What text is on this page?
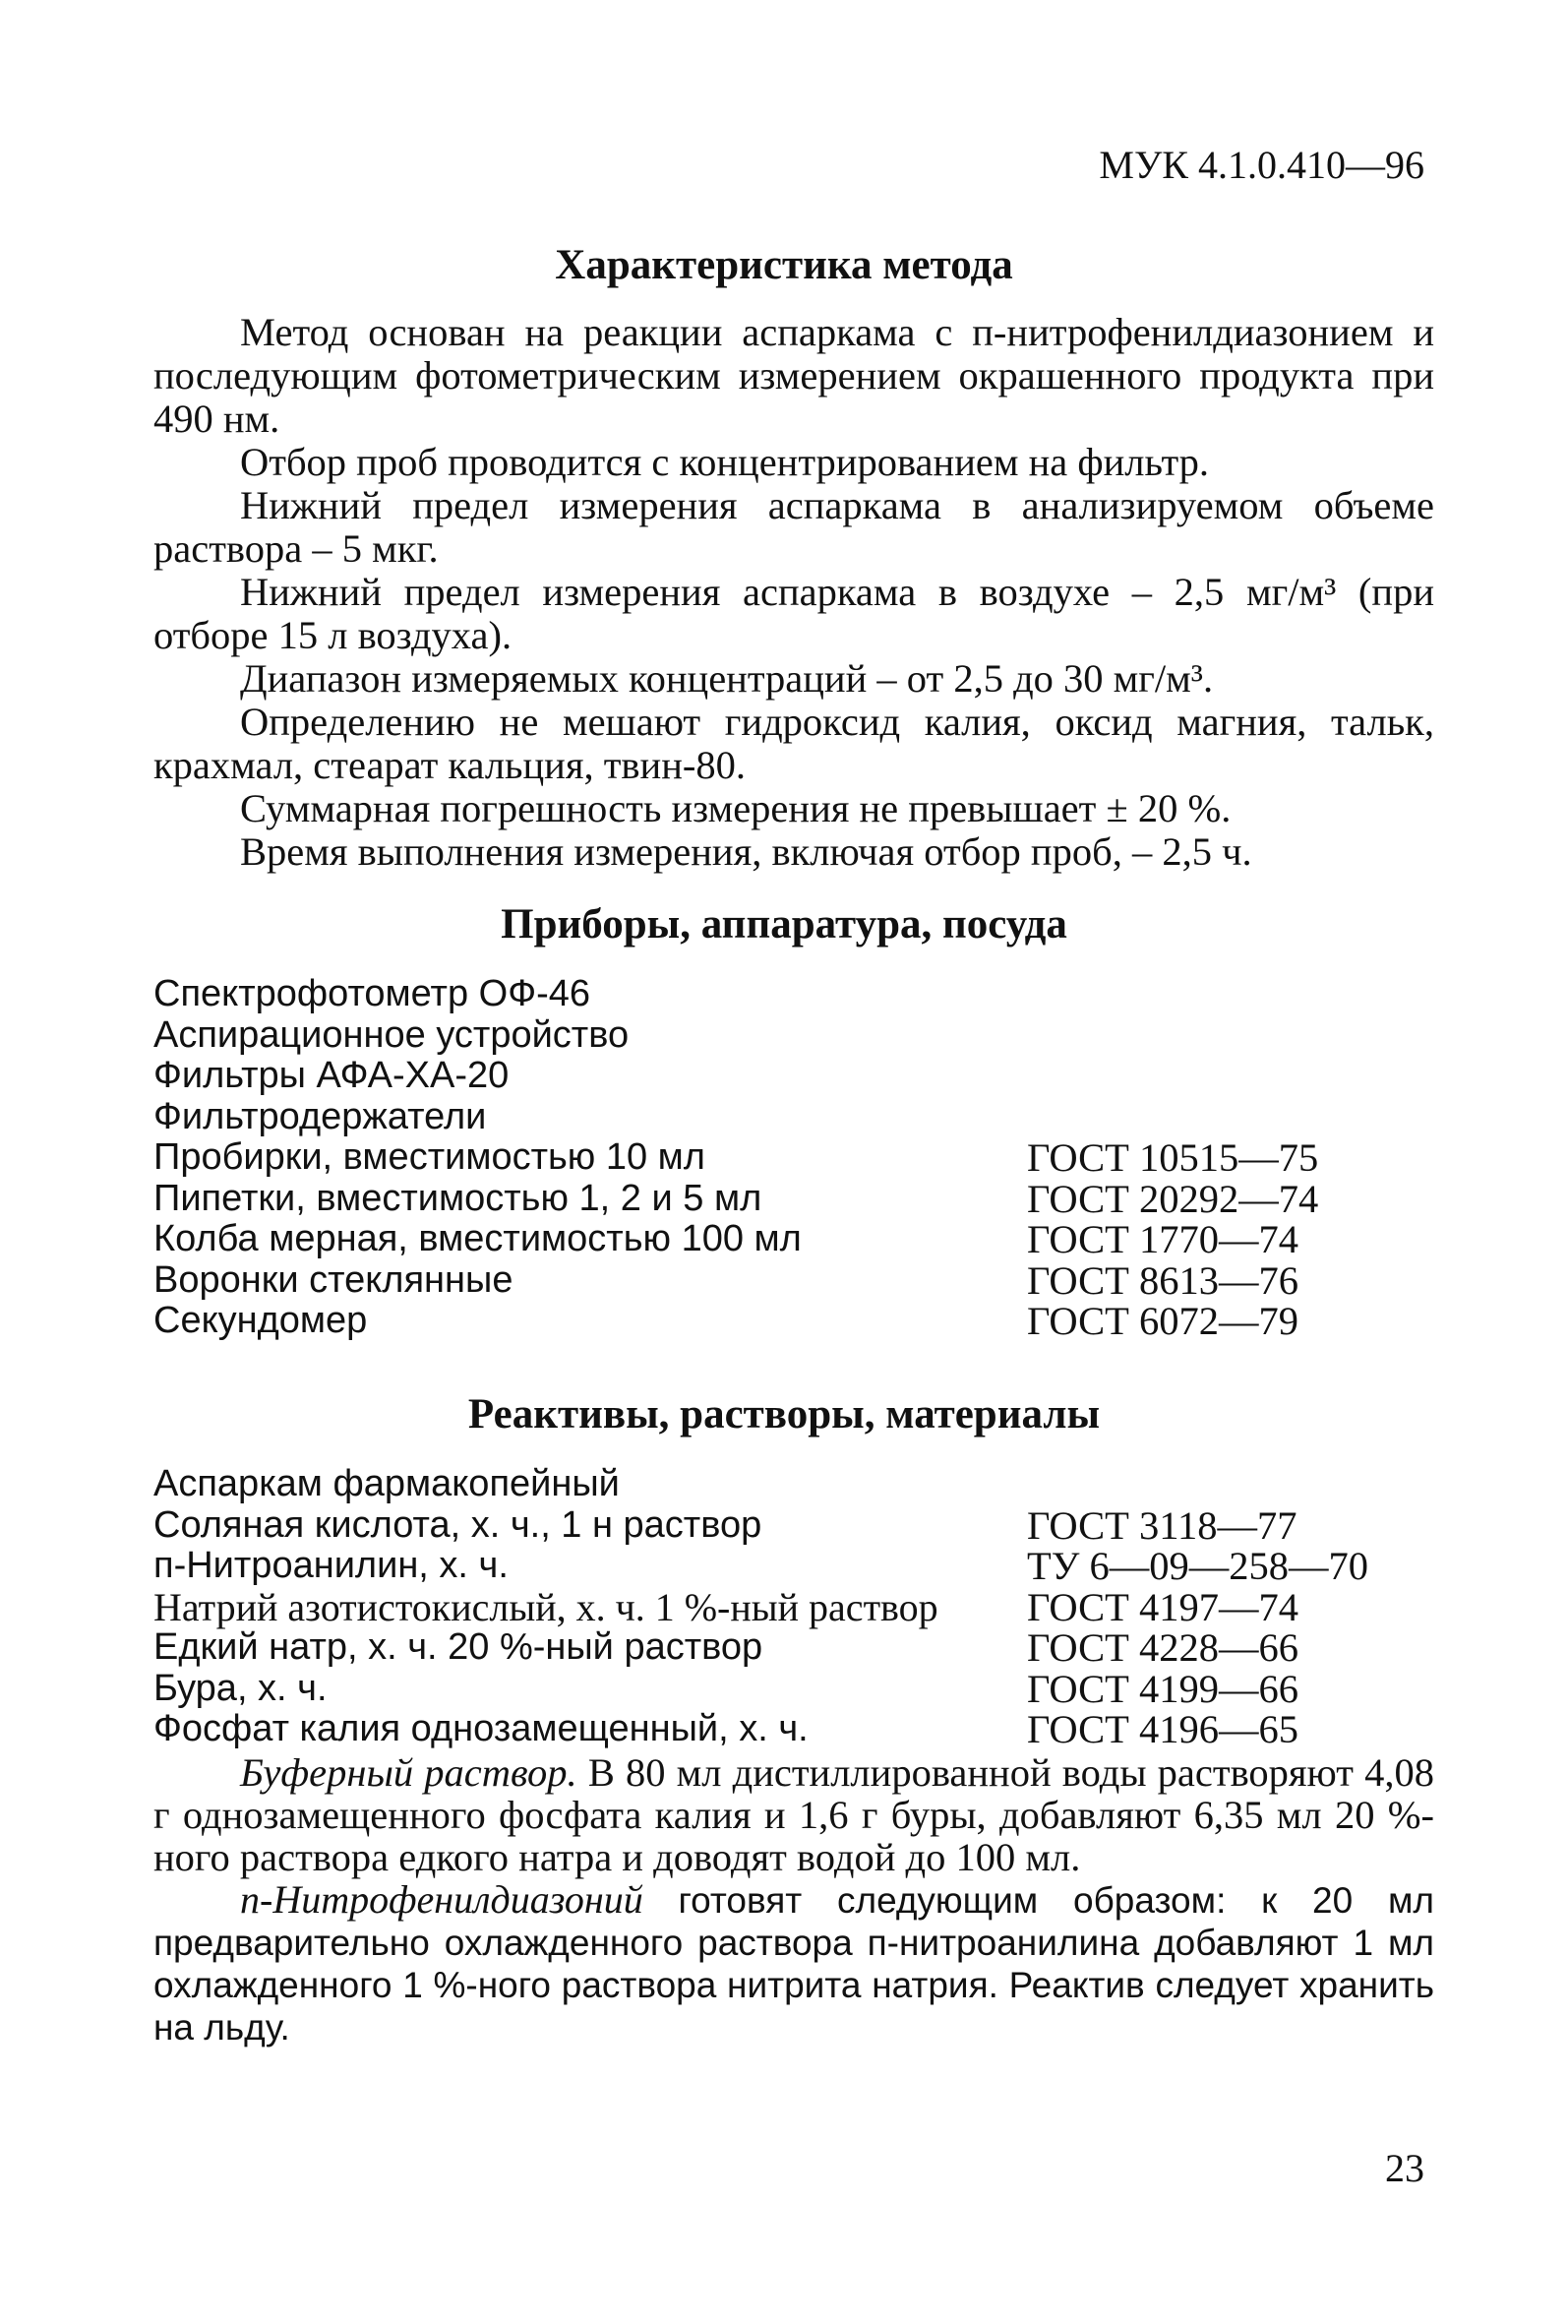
МУК 4.1.0.410—96
Характеристика метода

Метод основан на реакции аспаркама с п-нитрофенилдиазонием и последующим фотометрическим измерением окрашенного продукта при 490 нм.

Отбор проб проводится с концентрированием на фильтр.

Нижний предел измерения аспаркама в анализируемом объеме раствора – 5 мкг.

Нижний предел измерения аспаркама в воздухе – 2,5 мг/м³ (при отборе 15 л воздуха).

Диапазон измеряемых концентраций – от 2,5 до 30 мг/м³.

Определению не мешают гидроксид калия, оксид магния, тальк, крахмал, стеарат кальция, твин-80.

Суммарная погрешность измерения не превышает ± 20 %.

Время выполнения измерения, включая отбор проб, – 2,5 ч.

Приборы, аппаратура, посуда
Спектрофотометр ОФ-46
Аспирационное устройство
Фильтры АФА-ХА-20
Фильтродержатели
Пробирки, вместимостью 10 мл	ГОСТ 10515—75
Пипетки, вместимостью 1, 2 и 5 мл	ГОСТ 20292—74
Колба мерная, вместимостью 100 мл	ГОСТ 1770—74
Воронки стеклянные	ГОСТ 8613—76
Секундомер	ГОСТ 6072—79
Реактивы, растворы, материалы
Аспаркам фармакопейный
Соляная кислота, х. ч., 1 н раствор	ГОСТ 3118—77
п-Нитроанилин, х. ч.	ТУ 6—09—258—70
Натрий азотистокислый, х. ч. 1 %-ный раствор ГОСТ 4197—74
Едкий натр, х. ч. 20 %-ный раствор	ГОСТ 4228—66
Бура, х. ч.	ГОСТ 4199—66
Фосфат калия однозамещенный, х. ч.	ГОСТ 4196—65

Буферный раствор. В 80 мл дистиллированной воды растворяют 4,08 г однозамещенного фосфата калия и 1,6 г буры, добавляют 6,35 мл 20 %-ного раствора едкого натра и доводят водой до 100 мл.

п-Нитрофенилдиазоний готовят следующим образом: к 20 мл предварительно охлажденного раствора п-нитроанилина добавляют 1 мл охлажденного 1 %-ного раствора нитрита натрия. Реактив следует хранить на льду.

23
